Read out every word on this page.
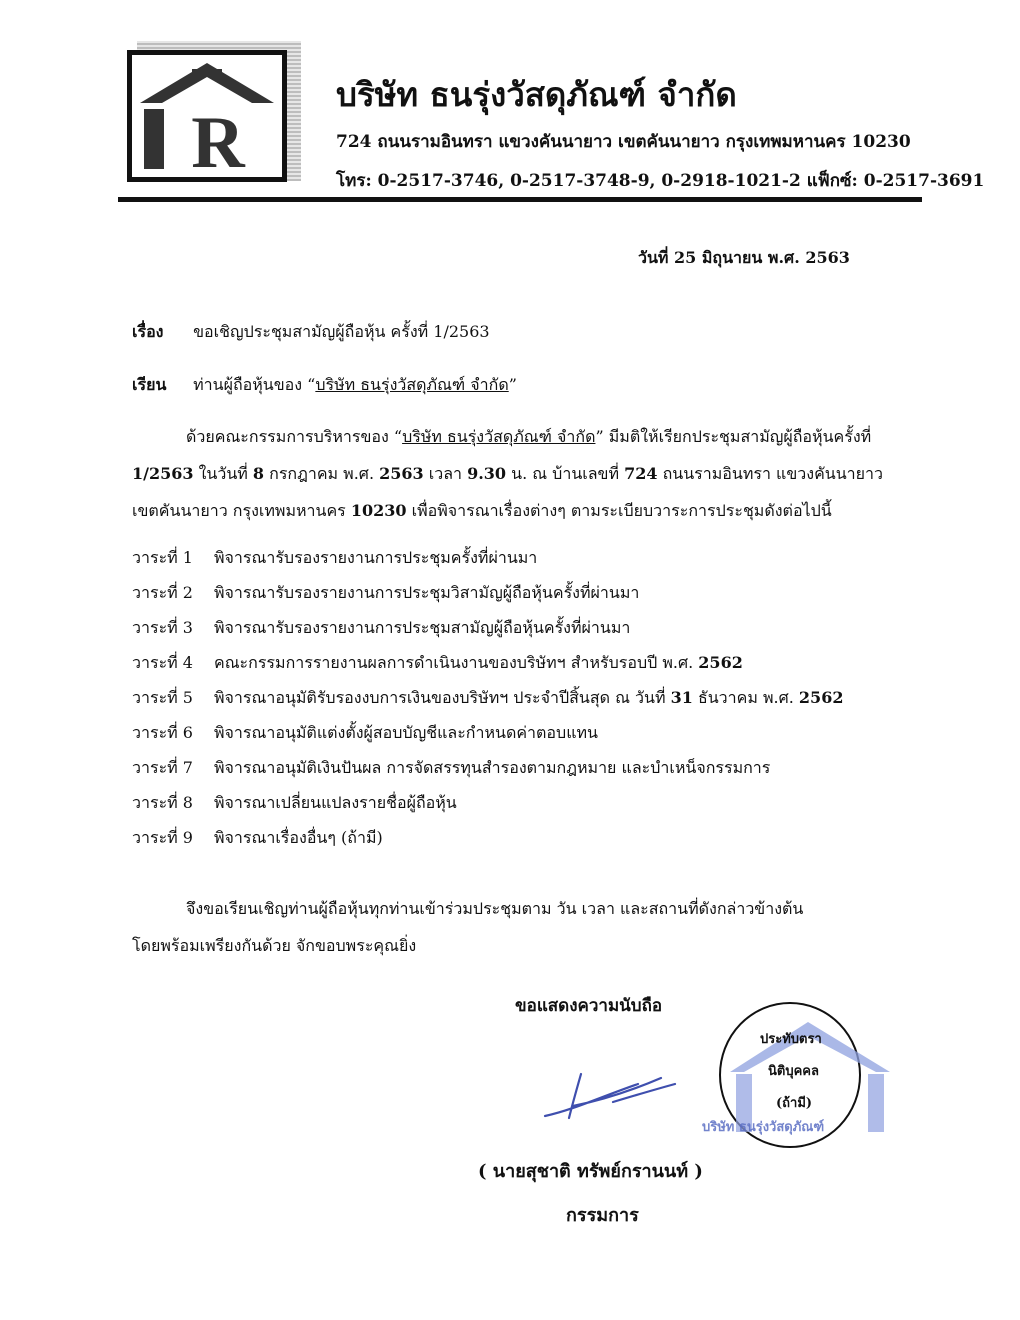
R
บริษัท ธนรุ่งวัสดุภัณฑ์ จำกัด
724 ถนนรามอินทรา แขวงคันนายาว เขตคันนายาว กรุงเทพมหานคร 10230
โทร: 0-2517-3746, 0-2517-3748-9, 0-2918-1021-2 แฟ็กซ์: 0-2517-3691
วันที่ 25 มิถุนายน พ.ศ. 2563
เรื่อง ขอเชิญประชุมสามัญผู้ถือหุ้น ครั้งที่ 1/2563
เรียน ท่านผู้ถือหุ้นของ “บริษัท ธนรุ่งวัสดุภัณฑ์ จำกัด”
ด้วยคณะกรรมการบริหารของ “บริษัท ธนรุ่งวัสดุภัณฑ์ จำกัด” มีมติให้เรียกประชุมสามัญผู้ถือหุ้นครั้งที่
1/2563 ในวันที่ 8 กรกฎาคม พ.ศ. 2563 เวลา 9.30 น. ณ บ้านเลขที่ 724 ถนนรามอินทรา แขวงคันนายาว
เขตคันนายาว กรุงเทพมหานคร 10230 เพื่อพิจารณาเรื่องต่างๆ ตามระเบียบวาระการประชุมดังต่อไปนี้
วาระที่ 1	พิจารณารับรองรายงานการประชุมครั้งที่ผ่านมา
วาระที่ 2	พิจารณารับรองรายงานการประชุมวิสามัญผู้ถือหุ้นครั้งที่ผ่านมา
วาระที่ 3	พิจารณารับรองรายงานการประชุมสามัญผู้ถือหุ้นครั้งที่ผ่านมา
วาระที่ 4	คณะกรรมการรายงานผลการดำเนินงานของบริษัทฯ สำหรับรอบปี พ.ศ. 2562
วาระที่ 5	พิจารณาอนุมัติรับรองงบการเงินของบริษัทฯ ประจำปีสิ้นสุด ณ วันที่ 31 ธันวาคม พ.ศ. 2562
วาระที่ 6	พิจารณาอนุมัติแต่งตั้งผู้สอบบัญชีและกำหนดค่าตอบแทน
วาระที่ 7	พิจารณาอนุมัติเงินปันผล การจัดสรรทุนสำรองตามกฎหมาย และบำเหน็จกรรมการ
วาระที่ 8	พิจารณาเปลี่ยนแปลงรายชื่อผู้ถือหุ้น
วาระที่ 9	พิจารณาเรื่องอื่นๆ (ถ้ามี)
จึงขอเรียนเชิญท่านผู้ถือหุ้นทุกท่านเข้าร่วมประชุมตาม วัน เวลา และสถานที่ดังกล่าวข้างต้น
โดยพร้อมเพรียงกันด้วย จักขอบพระคุณยิ่ง
ขอแสดงความนับถือ
ประทับตรา
นิติบุคคล
(ถ้ามี)
บริษัท ธนรุ่งวัสดุภัณฑ์
( นายสุชาติ ทรัพย์กรานนท์ )
กรรมการ
